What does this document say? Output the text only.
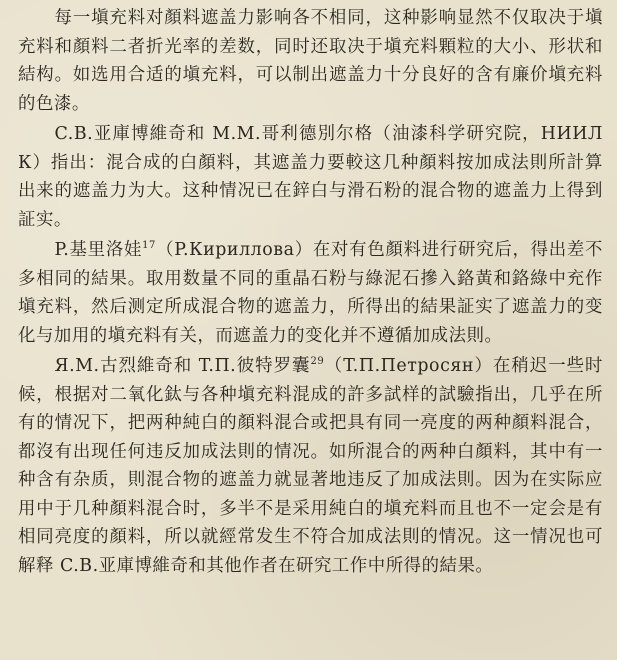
每一塡充料对顏料遮盖力影响各不相同，这种影响显然不仅取决于塡充料和顏料二者折光率的差数，同时还取决于塡充料顆粒的大小、形状和結构。如选用合适的塡充料，可以制出遮盖力十分良好的含有廉价塡充料的色漆。

C.B.亚庫博維奇和 M.M.哥利德別尔格（油漆科学研究院，НИИЛК）指出：混合成的白顏料，其遮盖力要較这几种顏料按加成法則所計算出来的遮盖力为大。这种情况已在鋅白与滑石粉的混合物的遮盖力上得到証实。

P.基里洛娃$^{17}$（P.Кириллова）在对有色顏料进行研究后，得出差不多相同的結果。取用数量不同的重晶石粉与綠泥石摻入鉻黃和鉻綠中充作塡充料，然后测定所成混合物的遮盖力，所得出的結果証实了遮盖力的变化与加用的塡充料有关，而遮盖力的变化并不遵循加成法則。

Я.M.古烈維奇和 T.П.彼特罗囊$^{29}$（T.П.Петросян）在稍迟一些时候，根据对二氧化鈦与各种塡充料混成的許多試样的試驗指出，几乎在所有的情况下，把两种純白的顏料混合或把具有同一亮度的两种顏料混合，都沒有出现任何违反加成法則的情况。如所混合的两种白顏料，其中有一种含有杂质，則混合物的遮盖力就显著地违反了加成法則。因为在实际应用中于几种顏料混合时，多半不是采用純白的塡充料而且也不一定会是有相同亮度的顏料，所以就經常发生不符合加成法則的情况。这一情况也可解释 C.B.亚庫博維奇和其他作者在研究工作中所得的結果。
